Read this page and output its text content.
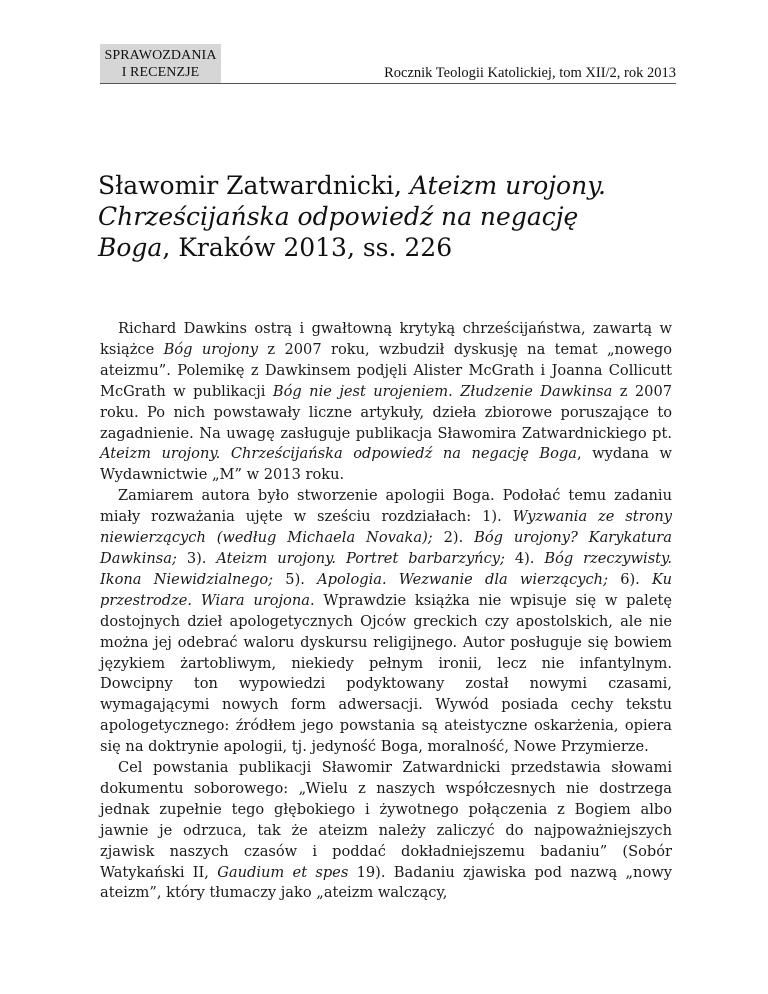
SPRAWOZDANIA
I RECENZJE	Rocznik Teologii Katolickiej, tom XII/2, rok 2013
Sławomir Zatwardnicki, Ateizm urojony.
Chrześcijańska odpowiedź na negację
Boga, Kraków 2013, ss. 226

Richard Dawkins ostrą i gwałtowną krytyką chrześcijaństwa, zawartą w książce Bóg urojony z 2007 roku, wzbudził dyskusję na temat „nowego ateizmu”. Polemikę z Dawkinsem podjęli Alister McGrath i Joanna Collicutt McGrath w publikacji Bóg nie jest urojeniem. Złudzenie Dawkinsa z 2007 roku. Po nich powstawały liczne artykuły, dzieła zbiorowe poruszające to zagadnienie. Na uwagę zasługuje publikacja Sławomira Zatwardnickiego pt. Ateizm urojony. Chrześcijańska odpowiedź na negację Boga, wydana w Wydawnictwie „M” w 2013 roku.

Zamiarem autora było stworzenie apologii Boga. Podołać temu zadaniu miały rozważania ujęte w sześciu rozdziałach: 1). Wyzwania ze strony niewierzących (według Michaela Novaka); 2). Bóg urojony? Karykatura Dawkinsa; 3). Ateizm urojony. Portret barbarzyńcy; 4). Bóg rzeczywisty. Ikona Niewidzialnego; 5). Apologia. Wezwanie dla wierzących; 6). Ku przestrodze. Wiara urojona. Wprawdzie książka nie wpisuje się w paletę dostojnych dzieł apologetycznych Ojców greckich czy apostolskich, ale nie można jej odebrać waloru dyskursu religijnego. Autor posługuje się bowiem językiem żartobliwym, niekiedy pełnym ironii, lecz nie infantylnym. Dowcipny ton wypowiedzi podyktowany został nowymi czasami, wymagającymi nowych form adwersacji. Wywód posiada cechy tekstu apologetycznego: źródłem jego powstania są ateistyczne oskarżenia, opiera się na doktrynie apologii, tj. jedyność Boga, moralność, Nowe Przymierze.

Cel powstania publikacji Sławomir Zatwardnicki przedstawia słowami dokumentu soborowego: „Wielu z naszych współczesnych nie dostrzega jednak zupełnie tego głębokiego i żywotnego połączenia z Bogiem albo jawnie je odrzuca, tak że ateizm należy zaliczyć do najpoważniejszych zjawisk naszych czasów i poddać dokładniejszemu badaniu” (Sobór Watykański II, Gaudium et spes 19). Badaniu zjawiska pod nazwą „nowy ateizm”, który tłumaczy jako „ateizm walczący,
